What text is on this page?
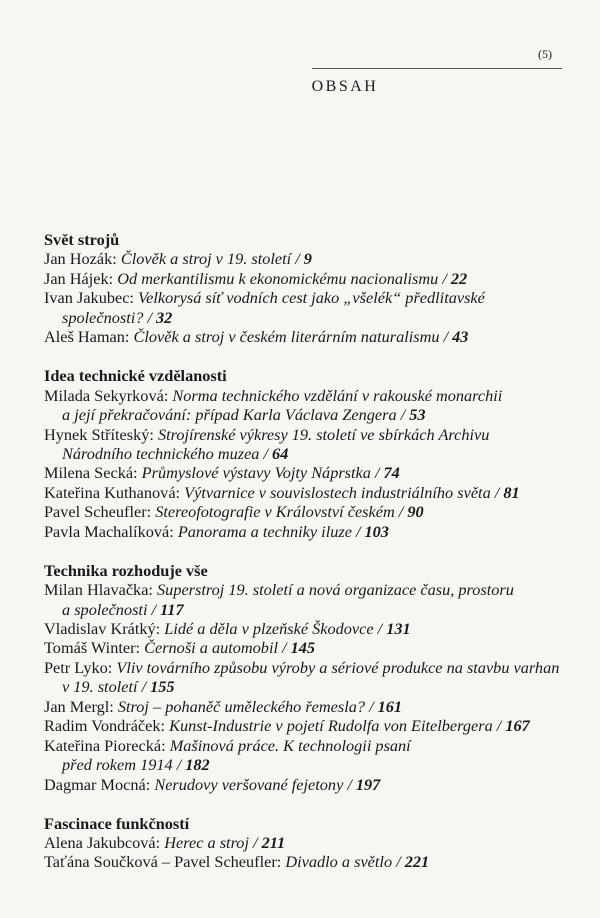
(5)
OBSAH
Svět strojů
Jan Hozák: Člověk a stroj v 19. století / 9
Jan Hájek: Od merkantilismu k ekonomickému nacionalismu / 22
Ivan Jakubec: Velkorysá síť vodních cest jako „všelék“ předlitavské
společnosti? / 32
Aleš Haman: Člověk a stroj v českém literárním naturalismu / 43
Idea technické vzdělanosti
Milada Sekyrková: Norma technického vzdělání v rakouské monarchii
a její překračování: případ Karla Václava Zengera / 53
Hynek Stříteský: Strojírenské výkresy 19. století ve sbírkách Archivu
Národního technického muzea / 64
Milena Secká: Průmyslové výstavy Vojty Náprstka / 74
Kateřina Kuthanová: Výtvarnice v souvislostech industriálního světa / 81
Pavel Scheufler: Stereofotografie v Království českém / 90
Pavla Machalíková: Panorama a techniky iluze / 103
Technika rozhoduje vše
Milan Hlavačka: Superstroj 19. století a nová organizace času, prostoru
a společnosti / 117
Vladislav Krátký: Lidé a děla v plzeňské Škodovce / 131
Tomáš Winter: Černoši a automobil / 145
Petr Lyko: Vliv továrního způsobu výroby a sériové produkce na stavbu varhan
v 19. století / 155
Jan Mergl: Stroj – pohaněč uměleckého řemesla? / 161
Radim Vondráček: Kunst-Industrie v pojetí Rudolfa von Eitelbergera / 167
Kateřina Piorecká: Mašinová práce. K technologii psaní
před rokem 1914 / 182
Dagmar Mocná: Nerudovy veršované fejetony / 197
Fascinace funkčností
Alena Jakubcová: Herec a stroj / 211
Taťána Součková – Pavel Scheufler: Divadlo a světlo / 221
